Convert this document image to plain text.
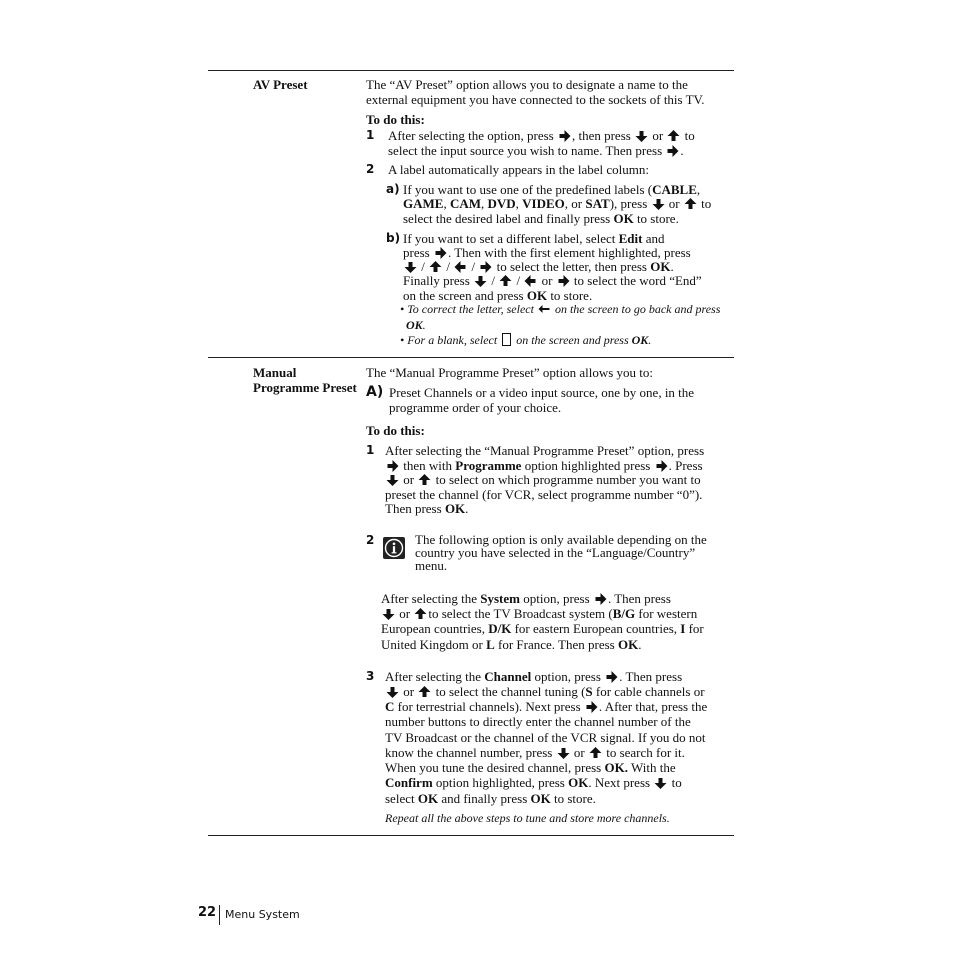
AV Preset	The “AV Preset” option allows you to designate a name to the
external equipment you have connected to the sockets of this TV.
To do this:
1 After selecting the option, press , then press or to
select the input source you wish to name. Then press .
2 A label automatically appears in the label column:
a) If you want to use one of the predefined labels (CABLE,
GAME, CAM, DVD, VIDEO, or SAT), press or to
select the desired label and finally press OK to store.
b) If you want to set a different label, select Edit and
press . Then with the first element highlighted, press
/ / / to select the letter, then press OK.
Finally press / / or to select the word “End”
on the screen and press OK to store.
• To correct the letter, select on the screen to go back and press
OK.
• For a blank, select on the screen and press OK.
Manual
Programme Preset
The “Manual Programme Preset” option allows you to:
A) Preset Channels or a video input source, one by one, in the
programme order of your choice.
To do this:
1 After selecting the “Manual Programme Preset” option, press
then with Programme option highlighted press . Press
or to select on which programme number you want to
preset the channel (for VCR, select programme number “0”).
Then press OK.
2	The following option is only available depending on the
country you have selected in the “Language/Country”
menu.
After selecting the System option, press . Then press
or to select the TV Broadcast system (B/G for western
European countries, D/K for eastern European countries, I for
United Kingdom or L for France. Then press OK.
3 After selecting the Channel option, press . Then press
or to select the channel tuning (S for cable channels or
C for terrestrial channels). Next press . After that, press the
number buttons to directly enter the channel number of the
TV Broadcast or the channel of the VCR signal. If you do not
know the channel number, press or to search for it.
When you tune the desired channel, press OK. With the
Confirm option highlighted, press OK. Next press to
select OK and finally press OK to store.
Repeat all the above steps to tune and store more channels.
22 Menu System
